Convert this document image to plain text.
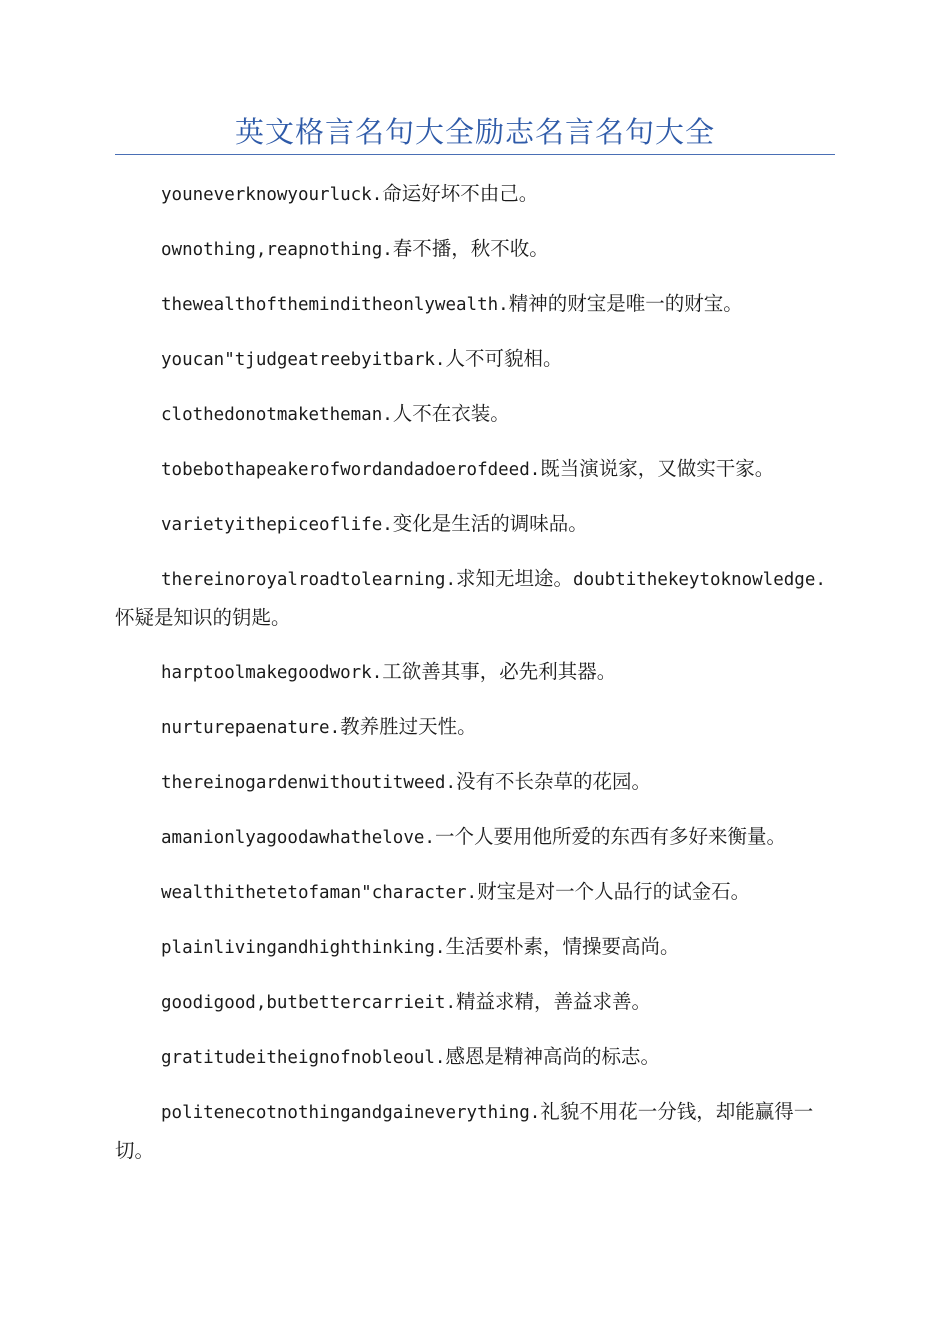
英文格言名句大全励志名言名句大全

youneverknowyourluck.命运好坏不由己。

ownothing,reapnothing.春不播，秋不收。

thewealthoftheminditheonlywealth.精神的财宝是唯一的财宝。

youcan"tjudgeatreebyitbark.人不可貌相。

clothedonotmaketheman.人不在衣装。

tobebothapeakerofwordandadoerofdeed.既当演说家，又做实干家。

varietyithepiceoflife.变化是生活的调味品。

thereinoroyalroadtolearning.求知无坦途。doubtithekeytoknowledge.怀疑是知识的钥匙。

harptoolmakegoodwork.工欲善其事，必先利其器。

nurturepaenature.教养胜过天性。

thereinogardenwithoutitweed.没有不长杂草的花园。

amanionlyagoodawhathelove.一个人要用他所爱的东西有多好来衡量。

wealthithetetofaman"character.财宝是对一个人品行的试金石。

plainlivingandhighthinking.生活要朴素，情操要高尚。

goodigood,butbettercarrieit.精益求精，善益求善。

gratitudeitheignofnobleoul.感恩是精神高尚的标志。

politenecotnothingandgaineverything.礼貌不用花一分钱，却能赢得一切。
